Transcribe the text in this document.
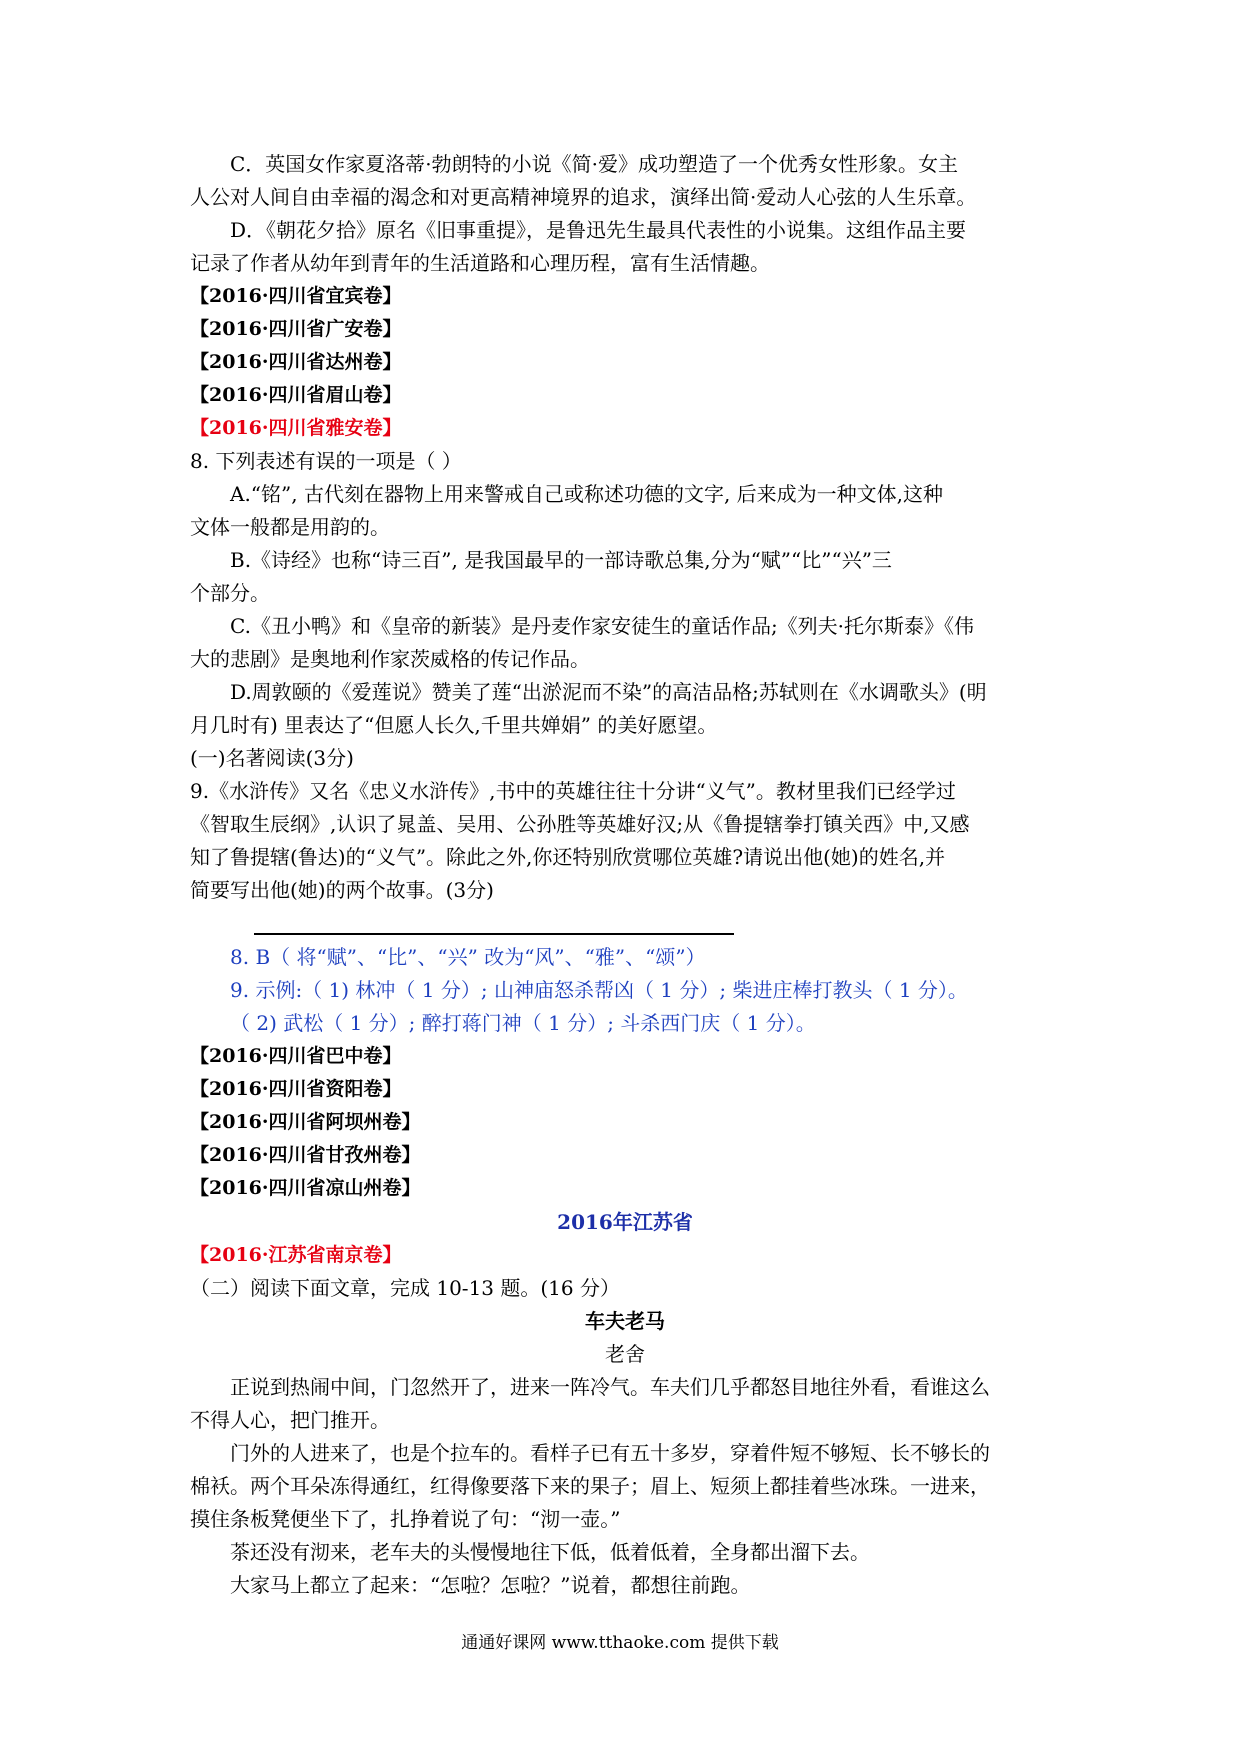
C．英国女作家夏洛蒂·勃朗特的小说《简·爱》成功塑造了一个优秀女性形象。女主

人公对人间自由幸福的渴念和对更高精神境界的追求，演绎出简·爱动人心弦的人生乐章。

D．《朝花夕拾》原名《旧事重提》，是鲁迅先生最具代表性的小说集。这组作品主要

记录了作者从幼年到青年的生活道路和心理历程，富有生活情趣。

【2016·四川省宜宾卷】

【2016·四川省广安卷】

【2016·四川省达州卷】

【2016·四川省眉山卷】

【2016·四川省雅安卷】

8. 下列表述有误的一项是（ ）

A.“铭”, 古代刻在器物上用来警戒自己或称述功德的文字, 后来成为一种文体,这种

文体一般都是用韵的。

B.《诗经》也称“诗三百”, 是我国最早的一部诗歌总集,分为“赋”“比”“兴”三

个部分。

C.《丑小鸭》和《皇帝的新装》是丹麦作家安徒生的童话作品;《列夫·托尔斯泰》《伟

大的悲剧》是奥地利作家茨威格的传记作品。

D.周敦颐的《爱莲说》赞美了莲“出淤泥而不染”的高洁品格;苏轼则在《水调歌头》(明

月几时有) 里表达了“但愿人长久,千里共婵娟” 的美好愿望。

(一)名著阅读(3分)

9.《水浒传》又名《忠义水浒传》,书中的英雄往往十分讲“义气”。教材里我们已经学过

《智取生辰纲》,认识了晁盖、吴用、公孙胜等英雄好汉;从《鲁提辖拳打镇关西》中,又感

知了鲁提辖(鲁达)的“义气”。除此之外,你还特别欣赏哪位英雄?请说出他(她)的姓名,并

简要写出他(她)的两个故事。(3分)

8. B（ 将“赋”、“比”、“兴” 改为“风”、“雅”、“颂”）

9. 示例:（ 1) 林冲（ 1 分）; 山神庙怒杀帮凶（ 1 分）; 柴进庄棒打教头（ 1 分）。

（ 2) 武松（ 1 分）; 醉打蒋门神（ 1 分）; 斗杀西门庆（ 1 分）。

【2016·四川省巴中卷】

【2016·四川省资阳卷】

【2016·四川省阿坝州卷】

【2016·四川省甘孜州卷】

【2016·四川省凉山州卷】

2016年江苏省

【2016·江苏省南京卷】

（二）阅读下面文章，完成 10-13 题。(16 分）

车夫老马

老舍

正说到热闹中间，门忽然开了，进来一阵冷气。车夫们几乎都怒目地往外看，看谁这么

不得人心，把门推开。

门外的人进来了，也是个拉车的。看样子已有五十多岁，穿着件短不够短、长不够长的

棉袄。两个耳朵冻得通红，红得像要落下来的果子；眉上、短须上都挂着些冰珠。一进来，

摸住条板凳便坐下了，扎挣着说了句：“沏一壶。”

茶还没有沏来，老车夫的头慢慢地往下低，低着低着，全身都出溜下去。

大家马上都立了起来：“怎啦？怎啦？”说着，都想往前跑。

通通好课网 www.tthaoke.com 提供下载
